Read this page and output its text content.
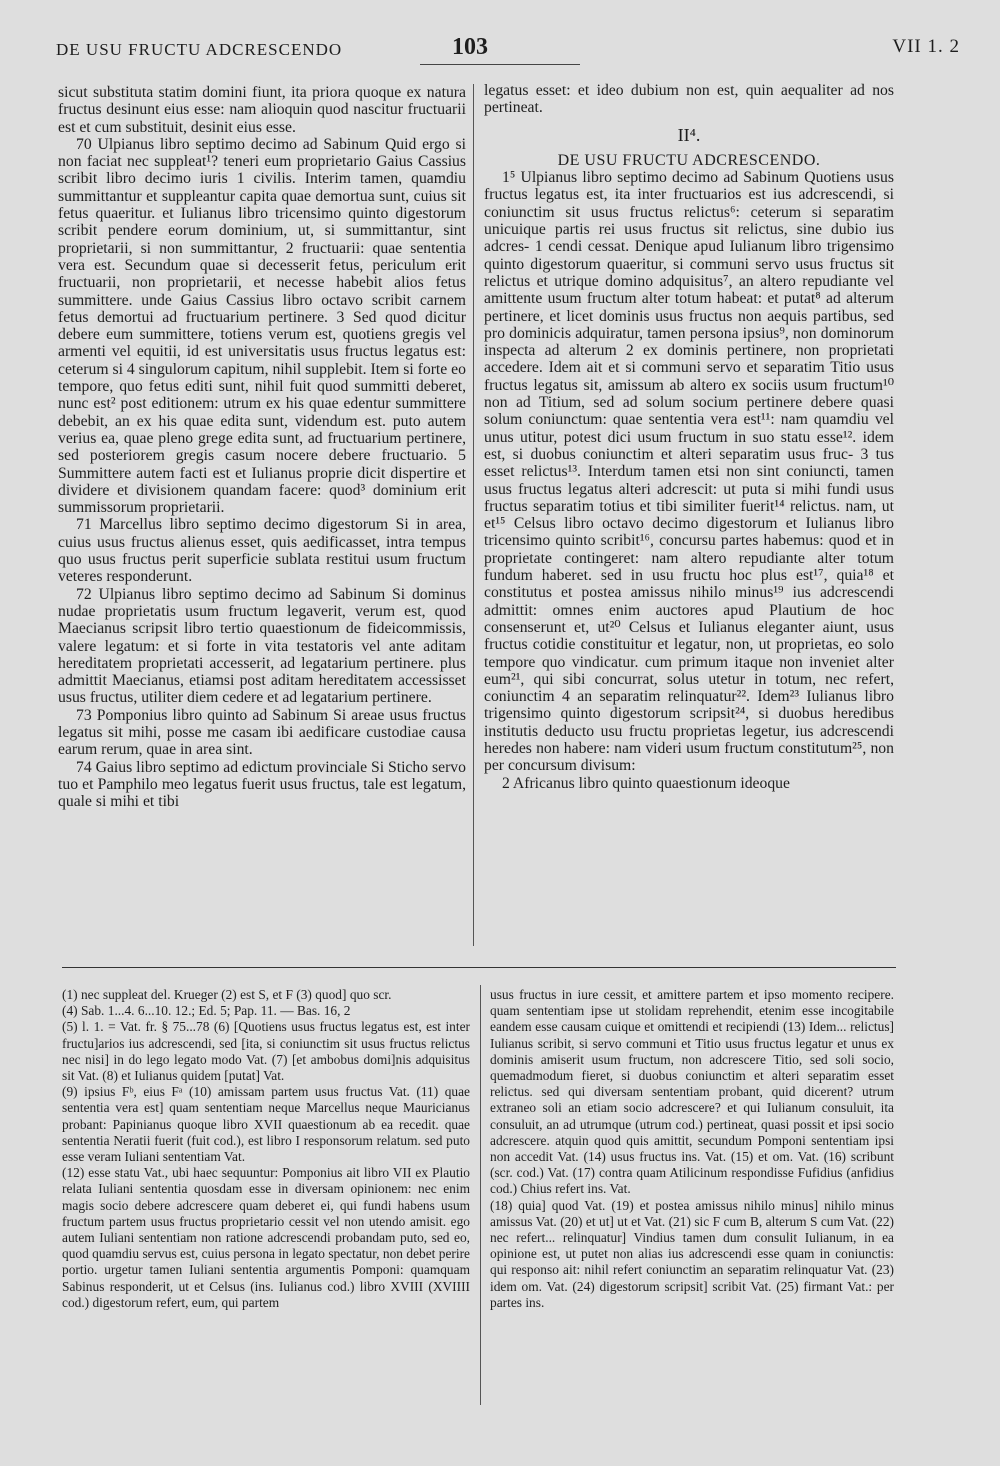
DE USU FRUCTU ADCRESCENDO	103	VII 1. 2

sicut substituta statim domini fiunt, ita priora quoque ex natura fructus desinunt eius esse: nam alioquin quod nascitur fructuarii est et cum substituit, desinit eius esse.

70 Ulpianus libro septimo decimo ad Sabinum Quid ergo si non faciat nec suppleat¹? teneri eum proprietario Gaius Cassius scribit libro decimo iuris 1 civilis. Interim tamen, quamdiu summittantur et suppleantur capita quae demortua sunt, cuius sit fetus quaeritur. et Iulianus libro tricensimo quinto digestorum scribit pendere eorum dominium, ut, si summittantur, sint proprietarii, si non summittantur, 2 fructuarii: quae sententia vera est. Secundum quae si decesserit fetus, periculum erit fructuarii, non proprietarii, et necesse habebit alios fetus summittere. unde Gaius Cassius libro octavo scribit carnem fetus demortui ad fructuarium pertinere. 3 Sed quod dicitur debere eum summittere, totiens verum est, quotiens gregis vel armenti vel equitii, id est universitatis usus fructus legatus est: ceterum si 4 singulorum capitum, nihil supplebit. Item si forte eo tempore, quo fetus editi sunt, nihil fuit quod summitti deberet, nunc est² post editionem: utrum ex his quae edentur summittere debebit, an ex his quae edita sunt, videndum est. puto autem verius ea, quae pleno grege edita sunt, ad fructuarium pertinere, sed posteriorem gregis casum nocere debere fructuario. 5 Summittere autem facti est et Iulianus proprie dicit dispertire et dividere et divisionem quandam facere: quod³ dominium erit summissorum proprietarii.

71 Marcellus libro septimo decimo digestorum Si in area, cuius usus fructus alienus esset, quis aedificasset, intra tempus quo usus fructus perit superficie sublata restitui usum fructum veteres responderunt.

72 Ulpianus libro septimo decimo ad Sabinum Si dominus nudae proprietatis usum fructum legaverit, verum est, quod Maecianus scripsit libro tertio quaestionum de fideicommissis, valere legatum: et si forte in vita testatoris vel ante aditam hereditatem proprietati accesserit, ad legatarium pertinere. plus admittit Maecianus, etiamsi post aditam hereditatem accessisset usus fructus, utiliter diem cedere et ad legatarium pertinere.

73 Pomponius libro quinto ad Sabinum Si areae usus fructus legatus sit mihi, posse me casam ibi aedificare custodiae causa earum rerum, quae in area sint.

74 Gaius libro septimo ad edictum provinciale Si Sticho servo tuo et Pamphilo meo legatus fuerit usus fructus, tale est legatum, quale si mihi et tibi

legatus esset: et ideo dubium non est, quin aequaliter ad nos pertineat.

II⁴.
DE USU FRUCTU ADCRESCENDO.

1⁵ Ulpianus libro septimo decimo ad Sabinum Quotiens usus fructus legatus est, ita inter fructuarios est ius adcrescendi, si coniunctim sit usus fructus relictus⁶: ceterum si separatim unicuique partis rei usus fructus sit relictus, sine dubio ius adcres- 1 cendi cessat. Denique apud Iulianum libro trigensimo quinto digestorum quaeritur, si communi servo usus fructus sit relictus et utrique domino adquisitus⁷, an altero repudiante vel amittente usum fructum alter totum habeat: et putat⁸ ad alterum pertinere, et licet dominis usus fructus non aequis partibus, sed pro dominicis adquiratur, tamen persona ipsius⁹, non dominorum inspecta ad alterum 2 ex dominis pertinere, non proprietati accedere. Idem ait et si communi servo et separatim Titio usus fructus legatus sit, amissum ab altero ex sociis usum fructum¹⁰ non ad Titium, sed ad solum socium pertinere debere quasi solum coniunctum: quae sententia vera est¹¹: nam quamdiu vel unus utitur, potest dici usum fructum in suo statu esse¹². idem est, si duobus coniunctim et alteri separatim usus fruc- 3 tus esset relictus¹³. Interdum tamen etsi non sint coniuncti, tamen usus fructus legatus alteri adcrescit: ut puta si mihi fundi usus fructus separatim totius et tibi similiter fuerit¹⁴ relictus. nam, ut et¹⁵ Celsus libro octavo decimo digestorum et Iulianus libro tricensimo quinto scribit¹⁶, concursu partes habemus: quod et in proprietate contingeret: nam altero repudiante alter totum fundum haberet. sed in usu fructu hoc plus est¹⁷, quia¹⁸ et constitutus et postea amissus nihilo minus¹⁹ ius adcrescendi admittit: omnes enim auctores apud Plautium de hoc consenserunt et, ut²⁰ Celsus et Iulianus eleganter aiunt, usus fructus cotidie constituitur et legatur, non, ut proprietas, eo solo tempore quo vindicatur. cum primum itaque non inveniet alter eum²¹, qui sibi concurrat, solus utetur in totum, nec refert, coniunctim 4 an separatim relinquatur²². Idem²³ Iulianus libro trigensimo quinto digestorum scripsit²⁴, si duobus heredibus institutis deducto usu fructu proprietas legetur, ius adcrescendi heredes non habere: nam videri usum fructum constitutum²⁵, non per concursum divisum:

2 Africanus libro quinto quaestionum ideoque

(1) nec suppleat del. Krueger (2) est S, et F (3) quod] quo scr.

(4) Sab. 1...4. 6...10. 12.; Ed. 5; Pap. 11. — Bas. 16, 2

(5) l. 1. = Vat. fr. § 75...78 (6) [Quotiens usus fructus legatus est, est inter fructu]arios ius adcrescendi, sed [ita, si coniunctim sit usus fructus relictus nec nisi] in do lego legato modo Vat. (7) [et ambobus domi]nis adquisitus sit Vat. (8) et Iulianus quidem [putat] Vat.

(9) ipsius Fᵇ, eius Fᵃ (10) amissam partem usus fructus Vat. (11) quae sententia vera est] quam sententiam neque Marcellus neque Mauricianus probant: Papinianus quoque libro XVII quaestionum ab ea recedit. quae sententia Neratii fuerit (fuit cod.), est libro I responsorum relatum. sed puto esse veram Iuliani sententiam Vat.

(12) esse statu Vat., ubi haec sequuntur: Pomponius ait libro VII ex Plautio relata Iuliani sententia quosdam esse in diversam opinionem: nec enim magis socio debere adcrescere quam deberet ei, qui fundi habens usum fructum partem usus fructus proprietario cessit vel non utendo amisit. ego autem Iuliani sententiam non ratione adcrescendi probandam puto, sed eo, quod quamdiu servus est, cuius persona in legato spectatur, non debet perire portio. urgetur tamen Iuliani sententia argumentis Pomponi: quamquam Sabinus responderit, ut et Celsus (ins. Iulianus cod.) libro XVIII (XVIIII cod.) digestorum refert, eum, qui partem

usus fructus in iure cessit, et amittere partem et ipso momento recipere. quam sententiam ipse ut stolidam reprehendit, etenim esse incogitabile eandem esse causam cuique et omittendi et recipiendi (13) Idem... relictus] Iulianus scribit, si servo communi et Titio usus fructus legatur et unus ex dominis amiserit usum fructum, non adcrescere Titio, sed soli socio, quemadmodum fieret, si duobus coniunctim et alteri separatim esset relictus. sed qui diversam sententiam probant, quid dicerent? utrum extraneo soli an etiam socio adcrescere? et qui Iulianum consuluit, ita consuluit, an ad utrumque (utrum cod.) pertineat, quasi possit et ipsi socio adcrescere. atquin quod quis amittit, secundum Pomponi sententiam ipsi non accedit Vat. (14) usus fructus ins. Vat. (15) et om. Vat. (16) scribunt (scr. cod.) Vat. (17) contra quam Atilicinum respondisse Fufidius (anfidius cod.) Chius refert ins. Vat.

(18) quia] quod Vat. (19) et postea amissus nihilo minus] nihilo minus amissus Vat. (20) et ut] ut et Vat. (21) sic F cum B, alterum S cum Vat. (22) nec refert... relinquatur] Vindius tamen dum consulit Iulianum, in ea opinione est, ut putet non alias ius adcrescendi esse quam in coniunctis: qui responso ait: nihil refert coniunctim an separatim relinquatur Vat. (23) idem om. Vat. (24) digestorum scripsit] scribit Vat. (25) firmant Vat.: per partes ins.
